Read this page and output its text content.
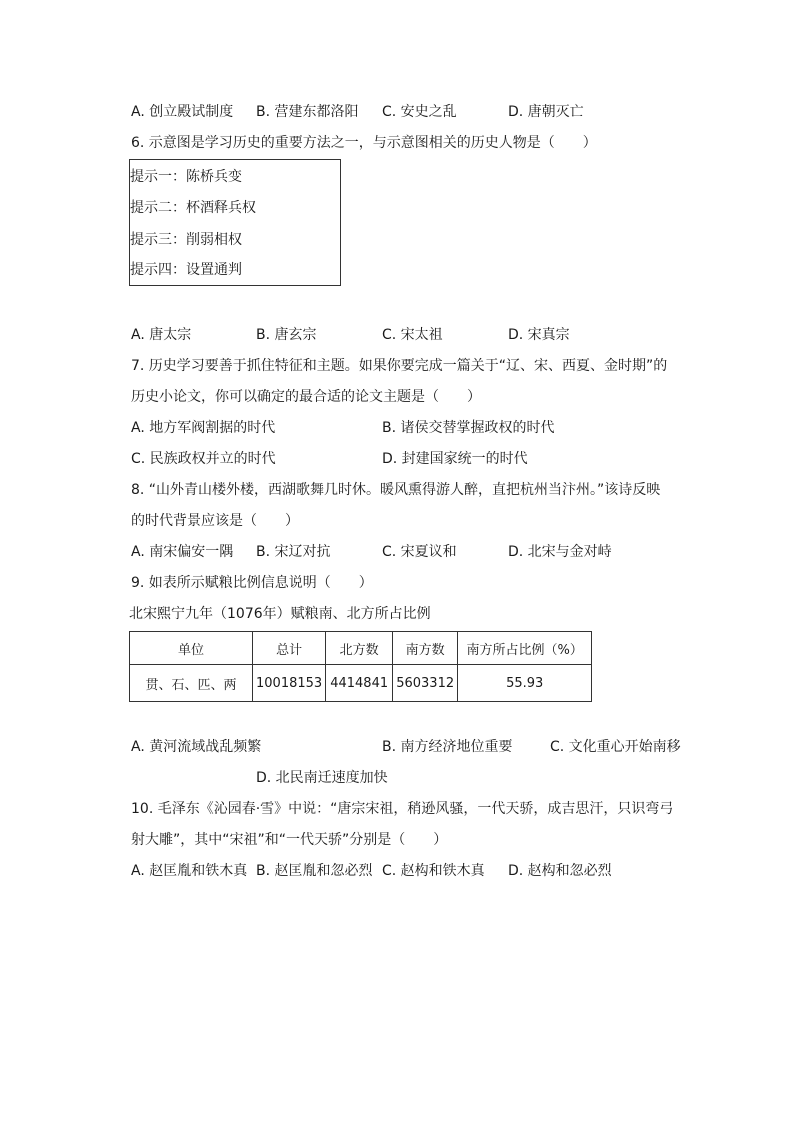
A. 创立殿试制度 B. 营建东都洛阳 C. 安史之乱	D. 唐朝灭亡
6. 示意图是学习历史的重要方法之一，与示意图相关的历史人物是（　　）
提示一：陈桥兵变
提示二：杯酒释兵权
提示三：削弱相权
提示四：设置通判
A. 唐太宗	B. 唐玄宗	C. 宋太祖	D. 宋真宗
7. 历史学习要善于抓住特征和主题。如果你要完成一篇关于“辽、宋、西夏、金时期”的
历史小论文，你可以确定的最合适的论文主题是（　　）
A. 地方军阀割据的时代	B. 诸侯交替掌握政权的时代
C. 民族政权并立的时代	D. 封建国家统一的时代
8. “山外青山楼外楼，西湖歌舞几时休。暖风熏得游人醉，直把杭州当汴州。”该诗反映
的时代背景应该是（　　）
A. 南宋偏安一隅 B. 宋辽对抗	C. 宋夏议和	D. 北宋与金对峙
9. 如表所示赋粮比例信息说明（　　）
北宋熙宁九年（1076年）赋粮南、北方所占比例
单位	总计	北方数	南方数	南方所占比例（%）
贯、石、匹、两	10018153	4414841	5603312	55.93
A. 黄河流域战乱频繁	B. 南方经济地位重要	C. 文化重心开始南移
D. 北民南迁速度加快
10. 毛泽东《沁园春·雪》中说：“唐宗宋祖，稍逊风骚，一代天骄，成吉思汗，只识弯弓
射大雕”，其中“宋祖”和“一代天骄”分别是（　　）
A. 赵匡胤和铁木真 B. 赵匡胤和忽必烈 C. 赵构和铁木真 D. 赵构和忽必烈
